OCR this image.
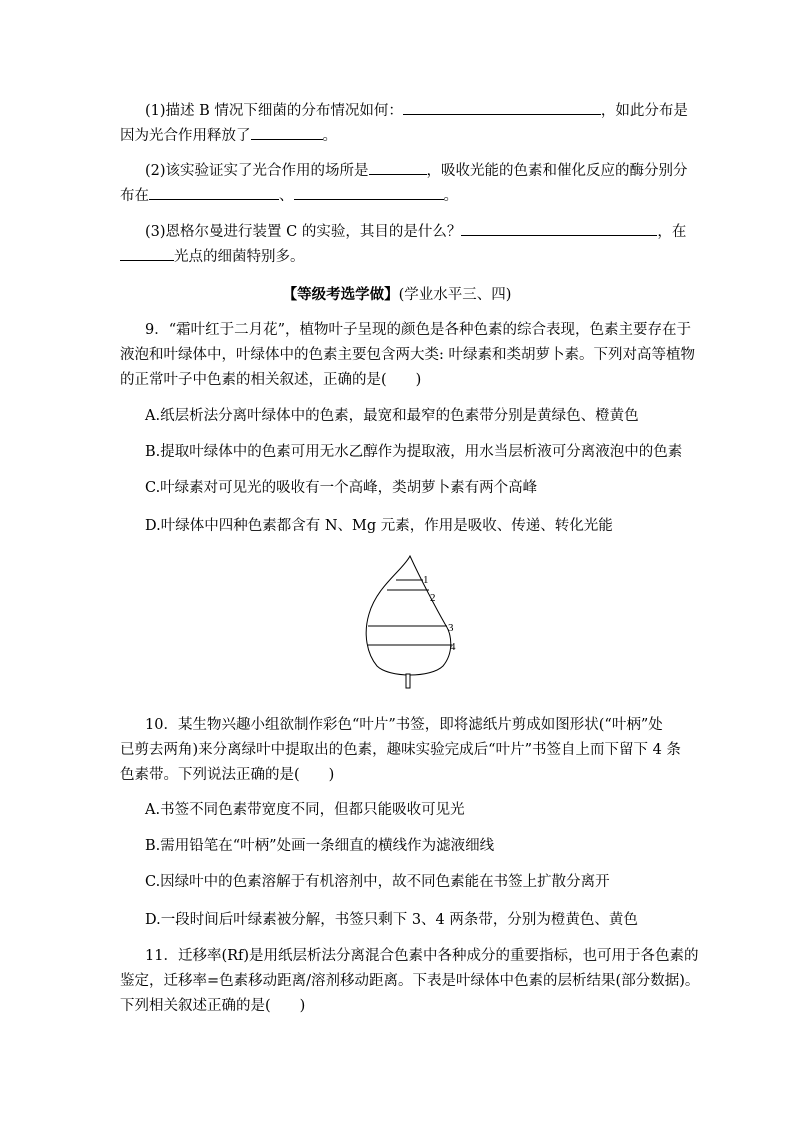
(1)描述 B 情况下细菌的分布情况如何：	，如此分布是
因为光合作用释放了	。
(2)该实验证实了光合作用的场所是	，吸收光能的色素和催化反应的酶分别分
布在	、	。
(3)恩格尔曼进行装置 C 的实验，其目的是什么？	，在
光点的细菌特别多。
【等级考选学做】(学业水平三、四)
9．“霜叶红于二月花”，植物叶子呈现的颜色是各种色素的综合表现，色素主要存在于
液泡和叶绿体中，叶绿体中的色素主要包含两大类: 叶绿素和类胡萝卜素。下列对高等植物
的正常叶子中色素的相关叙述，正确的是(　　)
A.纸层析法分离叶绿体中的色素，最宽和最窄的色素带分别是黄绿色、橙黄色
B.提取叶绿体中的色素可用无水乙醇作为提取液，用水当层析液可分离液泡中的色素
C.叶绿素对可见光的吸收有一个高峰，类胡萝卜素有两个高峰
D.叶绿体中四种色素都含有 N、Mg 元素，作用是吸收、传递、转化光能
1
2
3
4
10．某生物兴趣小组欲制作彩色“叶片”书签，即将滤纸片剪成如图形状(“叶柄”处
已剪去两角)来分离绿叶中提取出的色素，趣味实验完成后“叶片”书签自上而下留下 4 条
色素带。下列说法正确的是(　　)
A.书签不同色素带宽度不同，但都只能吸收可见光
B.需用铅笔在“叶柄”处画一条细直的横线作为滤液细线
C.因绿叶中的色素溶解于有机溶剂中，故不同色素能在书签上扩散分离开
D.一段时间后叶绿素被分解，书签只剩下 3、4 两条带，分别为橙黄色、黄色
11．迁移率(Rf)是用纸层析法分离混合色素中各种成分的重要指标，也可用于各色素的
鉴定，迁移率=色素移动距离/溶剂移动距离。下表是叶绿体中色素的层析结果(部分数据)。
下列相关叙述正确的是(　　)
